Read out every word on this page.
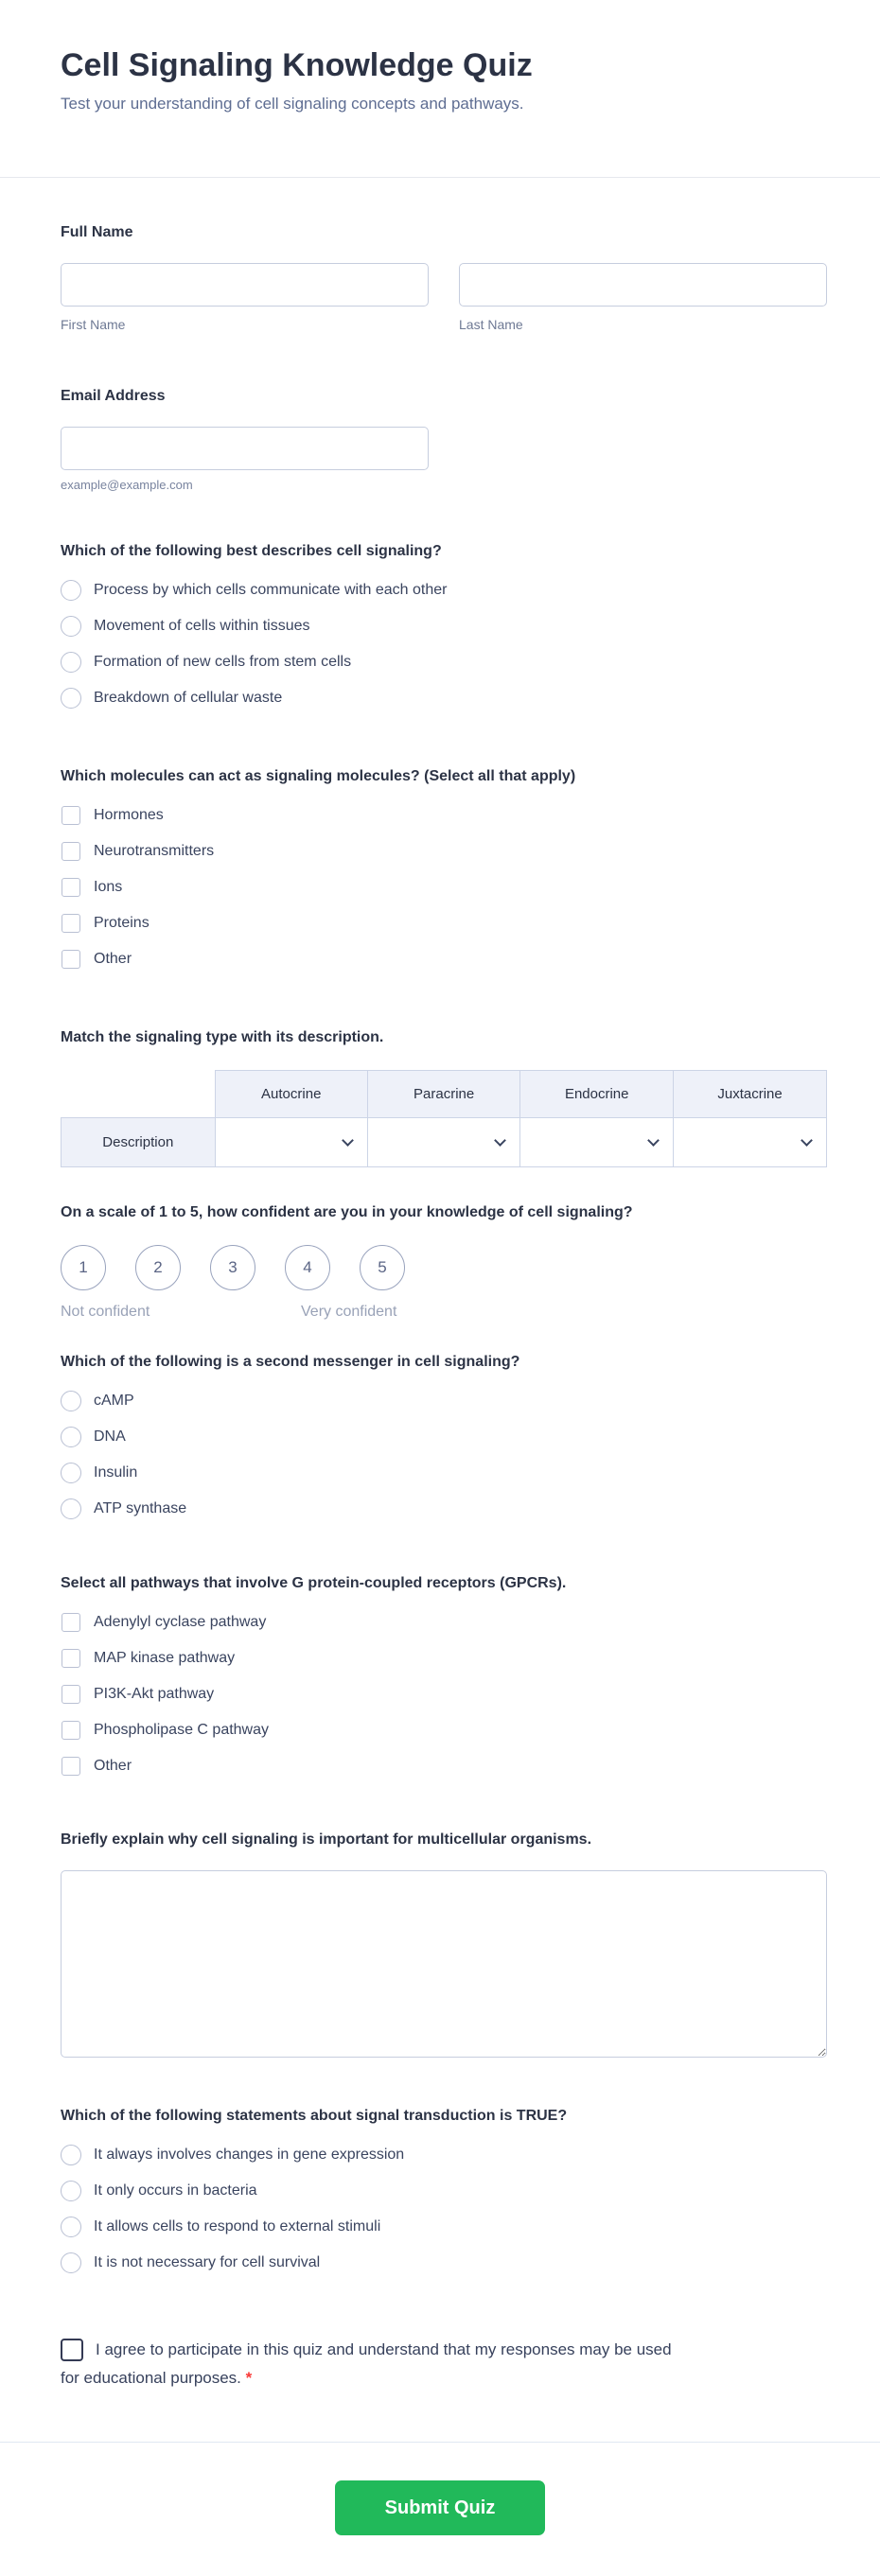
Cell Signaling Knowledge Quiz
Test your understanding of cell signaling concepts and pathways.
Full Name
First Name	Last Name
Email Address
example@example.com
Which of the following best describes cell signaling?
Process by which cells communicate with each other
Movement of cells within tissues
Formation of new cells from stem cells
Breakdown of cellular waste
Which molecules can act as signaling molecules? (Select all that apply)
Hormones
Neurotransmitters
Ions
Proteins
Other
Match the signaling type with its description.
	Autocrine	Paracrine	Endocrine	Juxtacrine
Description	

On a scale of 1 to 5, how confident are you in your knowledge of cell signaling?
1	2	3	4	5
Not confident	Very confident
Which of the following is a second messenger in cell signaling?
cAMP
DNA
Insulin
ATP synthase
Select all pathways that involve G protein-coupled receptors (GPCRs).
Adenylyl cyclase pathway
MAP kinase pathway
PI3K-Akt pathway
Phospholipase C pathway
Other
Briefly explain why cell signaling is important for multicellular organisms.
Which of the following statements about signal transduction is TRUE?
It always involves changes in gene expression
It only occurs in bacteria
It allows cells to respond to external stimuli
It is not necessary for cell survival
I agree to participate in this quiz and understand that my responses may be used for educational purposes. *
Submit Quiz
